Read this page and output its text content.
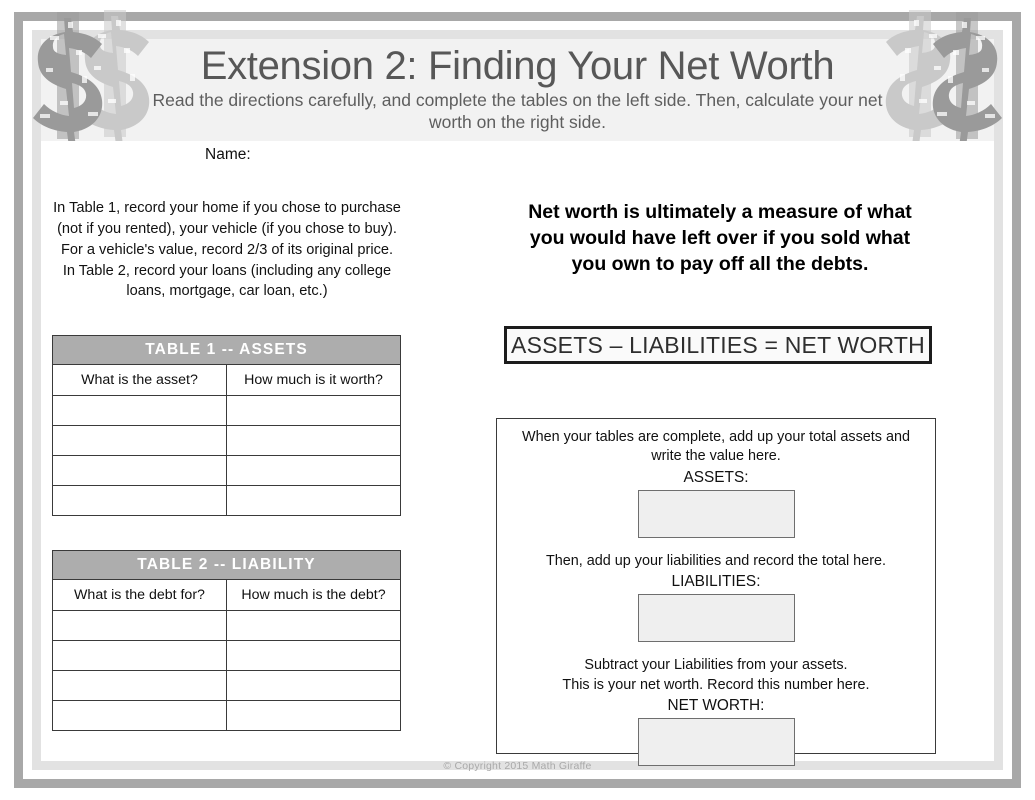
Extension 2: Finding Your Net Worth

Read the directions carefully, and complete the tables on the left side. Then, calculate your net worth on the right side.

Name:
In Table 1, record your home if you chose to purchase
(not if you rented), your vehicle (if you chose to buy).
For a vehicle's value, record 2/3 of its original price.
In Table 2, record your loans (including any college
loans, mortgage, car loan, etc.)
TABLE 1 -- ASSETS	
What is the asset?	How much is it worth?

TABLE 2 -- LIABILITY	
What is the debt for?	How much is the debt?

Net worth is ultimately a measure of what
you would have left over if you sold what
you own to pay off all the debts.
ASSETS – LIABILITIES = NET WORTH
When your tables are complete, add up your total assets and
write the value here.
ASSETS:
Then, add up your liabilities and record the total here.
LIABILITIES:
Subtract your Liabilities from your assets.
This is your net worth. Record this number here.
NET WORTH:
© Copyright 2015 Math Giraffe
